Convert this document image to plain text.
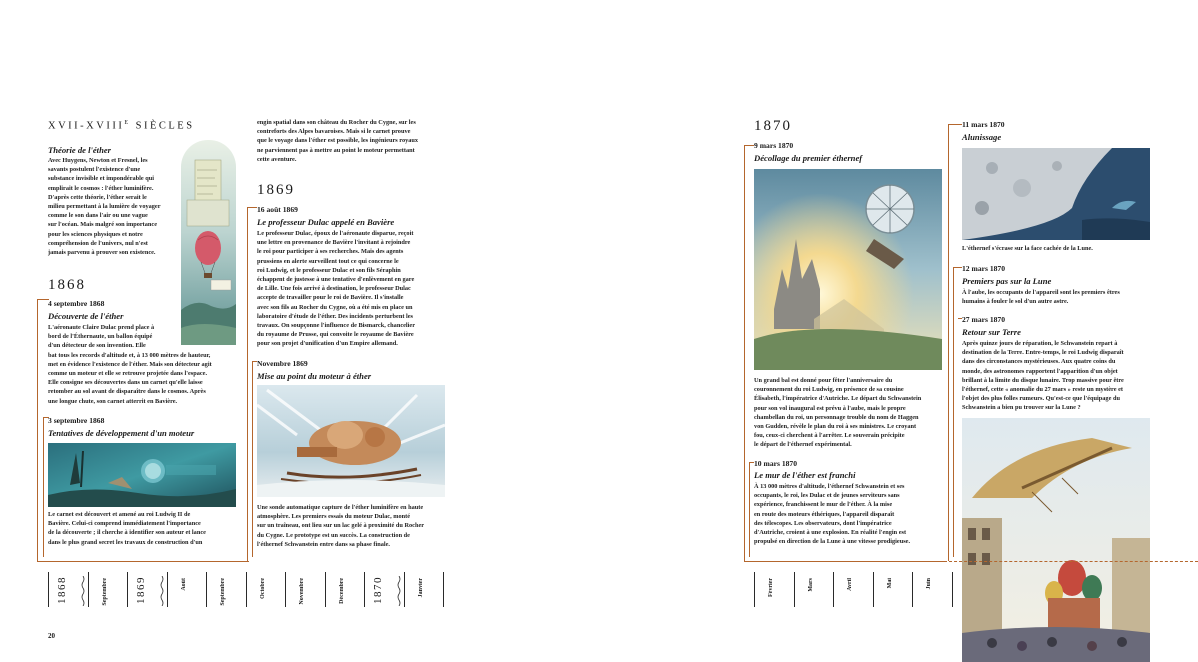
XVII-$XVIII^E$ SIÈCLES
Théorie de l'éther
Avec Huygens, Newton et Fresnel, les
savants postulent l'existence d'une
substance invisible et impondérable qui
emplirait le cosmos : l'éther luminifère.
D'après cette théorie, l'éther serait le
milieu permettant à la lumière de voyager
comme le son dans l'air ou une vague
sur l'océan. Mais malgré son importance
pour les sciences physiques et notre
compréhension de l'univers, nul n'est
jamais parvenu à prouver son existence.
1868
4 septembre 1868
Découverte de l'éther
L'aéronaute Claire Dulac prend place à
bord de l'Éthernaute, un ballon équipé
d'un détecteur de son invention. Elle
bat tous les records d'altitude et, à 13 000 mètres de hauteur,
met en évidence l'existence de l'éther. Mais son détecteur agit
comme un moteur et elle se retrouve projetée dans l'espace.
Elle consigne ses découvertes dans un carnet qu'elle laisse
retomber au sol avant de disparaître dans le cosmos. Après
une longue chute, son carnet atterrit en Bavière.
3 septembre 1868
Tentatives de développement d'un moteur
Le carnet est découvert et amené au roi Ludwig II de
Bavière. Celui-ci comprend immédiatement l'importance
de la découverte ; il cherche à identifier son auteur et lance
dans le plus grand secret les travaux de construction d'un
engin spatial dans son château du Rocher du Cygne, sur les
contreforts des Alpes bavaroises. Mais si le carnet prouve
que le voyage dans l'éther est possible, les ingénieurs royaux
ne parviennent pas à mettre au point le moteur permettant
cette aventure.
1869
16 août 1869
Le professeur Dulac appelé en Bavière
Le professeur Dulac, époux de l'aéronaute disparue, reçoit
une lettre en provenance de Bavière l'invitant à rejoindre
le roi pour participer à ses recherches. Mais des agents
prussiens en alerte surveillent tout ce qui concerne le
roi Ludwig, et le professeur Dulac et son fils Séraphin
échappent de justesse à une tentative d'enlèvement en gare
de Lille. Une fois arrivé à destination, le professeur Dulac
accepte de travailler pour le roi de Bavière. Il s'installe
avec son fils au Rocher du Cygne, où a été mis en place un
laboratoire d'étude de l'éther. Des incidents perturbent les
travaux. On soupçonne l'influence de Bismarck, chancelier
du royaume de Prusse, qui convoite le royaume de Bavière
pour son projet d'unification d'un Empire allemand.
Novembre 1869
Mise au point du moteur à éther
Une sonde automatique capture de l'éther luminifère en haute
atmosphère. Les premiers essais du moteur Dulac, monté
sur un traîneau, ont lieu sur un lac gelé à proximité du Rocher
du Cygne. Le prototype est un succès. La construction de
l'éthernef Schwanstein entre dans sa phase finale.
1868	Septembre	1869	Août	Septembre	Octobre	Novembre	Décembre	1870	Janvier
20
1870
9 mars 1870
Décollage du premier éthernef
Un grand bal est donné pour fêter l'anniversaire du
couronnement du roi Ludwig, en présence de sa cousine
Élisabeth, l'impératrice d'Autriche. Le départ du Schwanstein
pour son vol inaugural est prévu à l'aube, mais le propre
chambellan du roi, un personnage trouble du nom de Haggen
von Gudden, révèle le plan du roi à ses ministres. Le croyant
fou, ceux-ci cherchent à l'arrêter. Le souverain précipite
le départ de l'éthernef expérimental.
10 mars 1870
Le mur de l'éther est franchi
À 13 000 mètres d'altitude, l'éthernef Schwanstein et ses
occupants, le roi, les Dulac et de jeunes serviteurs sans
expérience, franchissent le mur de l'éther. À la mise
en route des moteurs éthériques, l'appareil disparaît
des télescopes. Les observateurs, dont l'impératrice
d'Autriche, croient à une explosion. En réalité l'engin est
propulsé en direction de la Lune à une vitesse prodigieuse.
11 mars 1870
Alunissage
L'éthernef s'écrase sur la face cachée de la Lune.
12 mars 1870
Premiers pas sur la Lune
À l'aube, les occupants de l'appareil sont les premiers êtres
humains à fouler le sol d'un autre astre.
27 mars 1870
Retour sur Terre
Après quinze jours de réparation, le Schwanstein repart à
destination de la Terre. Entre-temps, le roi Ludwig disparaît
dans des circonstances mystérieuses. Aux quatre coins du
monde, des astronomes rapportent l'apparition d'un objet
brillant à la limite du disque lunaire. Trop massive pour être
l'éthernef, cette « anomalie du 27 mars » reste un mystère et
l'objet des plus folles rumeurs. Qu'est-ce que l'équipage du
Schwanstein a bien pu trouver sur la Lune ?
Février	Mars	Avril	Mai	Juin
